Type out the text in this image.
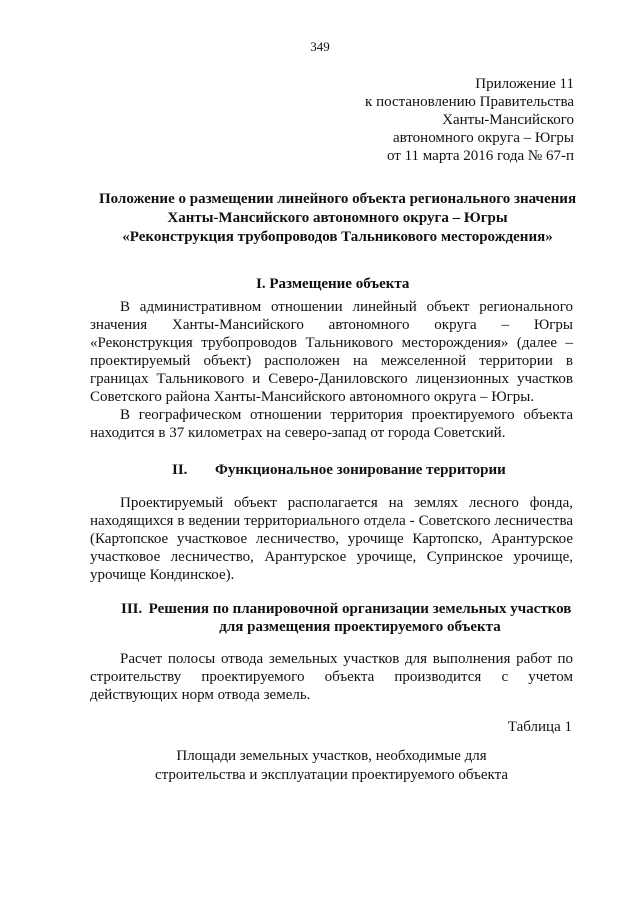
349
Приложение 11
к постановлению Правительства
Ханты-Мансийского
автономного округа – Югры
от 11 марта 2016 года № 67-п
Положение о размещении линейного объекта регионального значения
Ханты-Мансийского автономного округа – Югры
«Реконструкция трубопроводов Тальникового месторождения»
I. Размещение объекта

В административном отношении линейный объект регионального значения Ханты-Мансийского автономного округа – Югры «Реконструкция трубопроводов Тальникового месторождения» (далее – проектируемый объект) расположен на межселенной территории в границах Тальникового и Северо-Даниловского лицензионных участков Советского района Ханты-Мансийского автономного округа – Югры.

В географическом отношении территория проектируемого объекта находится в 37 километрах на северо-запад от города Советский.

II. Функциональное зонирование территории

Проектируемый объект располагается на землях лесного фонда, находящихся в ведении территориального отдела - Советского лесничества (Картопское участковое лесничество, урочище Картопско, Арантурское участковое лесничество, Арантурское урочище, Супринское урочище, урочище Кондинское).

III. Решения по планировочной организации земельных участков
для размещения проектируемого объекта

Расчет полосы отвода земельных участков для выполнения работ по строительству проектируемого объекта производится с учетом действующих норм отвода земель.

Таблица 1
Площади земельных участков, необходимые для
строительства и эксплуатации проектируемого объекта
